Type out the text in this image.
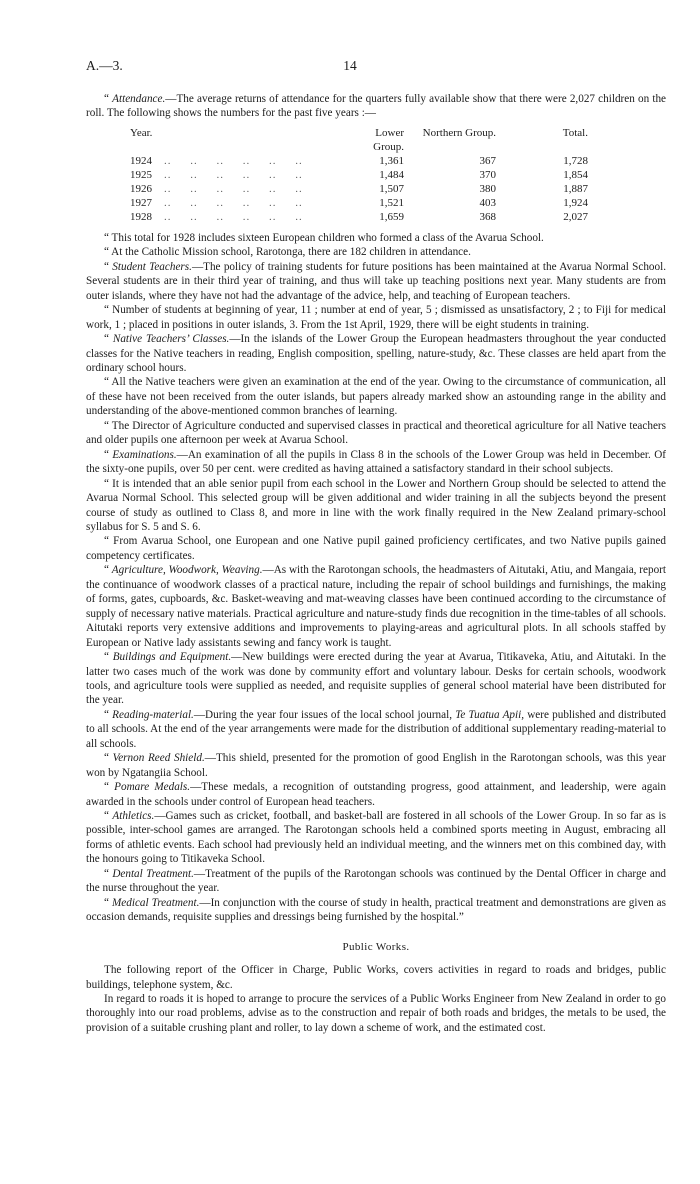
A.—3.	14

“ Attendance.—The average returns of attendance for the quarters fully available show that there were 2,027 children on the roll. The following shows the numbers for the past five years :—

Year.		Lower Group.	Northern Group.	Total.
1924	..     ..     ..     ..     ..     ..	1,361	367	1,728
1925	..     ..     ..     ..     ..     ..	1,484	370	1,854
1926	..     ..     ..     ..     ..     ..	1,507	380	1,887
1927	..     ..     ..     ..     ..     ..	1,521	403	1,924
1928	..     ..     ..     ..     ..     ..	1,659	368	2,027

“ This total for 1928 includes sixteen European children who formed a class of the Avarua School.

“ At the Catholic Mission school, Rarotonga, there are 182 children in attendance.

“ Student Teachers.—The policy of training students for future positions has been maintained at the Avarua Normal School. Several students are in their third year of training, and thus will take up teaching positions next year. Many students are from outer islands, where they have not had the advantage of the advice, help, and teaching of European teachers.

“ Number of students at beginning of year, 11 ; number at end of year, 5 ; dismissed as unsatisfactory, 2 ; to Fiji for medical work, 1 ; placed in positions in outer islands, 3. From the 1st April, 1929, there will be eight students in training.

“ Native Teachers’ Classes.—In the islands of the Lower Group the European headmasters throughout the year conducted classes for the Native teachers in reading, English composition, spelling, nature-study, &c. These classes are held apart from the ordinary school hours.

“ All the Native teachers were given an examination at the end of the year. Owing to the circumstance of communication, all of these have not been received from the outer islands, but papers already marked show an astounding range in the ability and understanding of the above-mentioned common branches of learning.

“ The Director of Agriculture conducted and supervised classes in practical and theoretical agriculture for all Native teachers and older pupils one afternoon per week at Avarua School.

“ Examinations.—An examination of all the pupils in Class 8 in the schools of the Lower Group was held in December. Of the sixty-one pupils, over 50 per cent. were credited as having attained a satisfactory standard in their school subjects.

“ It is intended that an able senior pupil from each school in the Lower and Northern Group should be selected to attend the Avarua Normal School. This selected group will be given additional and wider training in all the subjects beyond the present course of study as outlined to Class 8, and more in line with the work finally required in the New Zealand primary-school syllabus for S. 5 and S. 6.

“ From Avarua School, one European and one Native pupil gained proficiency certificates, and two Native pupils gained competency certificates.

“ Agriculture, Woodwork, Weaving.—As with the Rarotongan schools, the headmasters of Aitutaki, Atiu, and Mangaia, report the continuance of woodwork classes of a practical nature, including the repair of school buildings and furnishings, the making of forms, gates, cupboards, &c. Basket-weaving and mat-weaving classes have been continued according to the circumstance of supply of necessary native materials. Practical agriculture and nature-study finds due recognition in the time-tables of all schools. Aitutaki reports very extensive additions and improvements to playing-areas and agricultural plots. In all schools staffed by European or Native lady assistants sewing and fancy work is taught.

“ Buildings and Equipment.—New buildings were erected during the year at Avarua, Titikaveka, Atiu, and Aitutaki. In the latter two cases much of the work was done by community effort and voluntary labour. Desks for certain schools, woodwork tools, and agriculture tools were supplied as needed, and requisite supplies of general school material have been distributed for the year.

“ Reading-material.—During the year four issues of the local school journal, Te Tuatua Apii, were published and distributed to all schools. At the end of the year arrangements were made for the distribution of additional supplementary reading-material to all schools.

“ Vernon Reed Shield.—This shield, presented for the promotion of good English in the Rarotongan schools, was this year won by Ngatangiia School.

“ Pomare Medals.—These medals, a recognition of outstanding progress, good attainment, and leadership, were again awarded in the schools under control of European head teachers.

“ Athletics.—Games such as cricket, football, and basket-ball are fostered in all schools of the Lower Group. In so far as is possible, inter-school games are arranged. The Rarotongan schools held a combined sports meeting in August, embracing all forms of athletic events. Each school had previously held an individual meeting, and the winners met on this combined day, with the honours going to Titikaveka School.

“ Dental Treatment.—Treatment of the pupils of the Rarotongan schools was continued by the Dental Officer in charge and the nurse throughout the year.

“ Medical Treatment.—In conjunction with the course of study in health, practical treatment and demonstrations are given as occasion demands, requisite supplies and dressings being furnished by the hospital.”

Public Works.

The following report of the Officer in Charge, Public Works, covers activities in regard to roads and bridges, public buildings, telephone system, &c.

In regard to roads it is hoped to arrange to procure the services of a Public Works Engineer from New Zealand in order to go thoroughly into our road problems, advise as to the construction and repair of both roads and bridges, the metals to be used, the provision of a suitable crushing plant and roller, to lay down a scheme of work, and the estimated cost.
